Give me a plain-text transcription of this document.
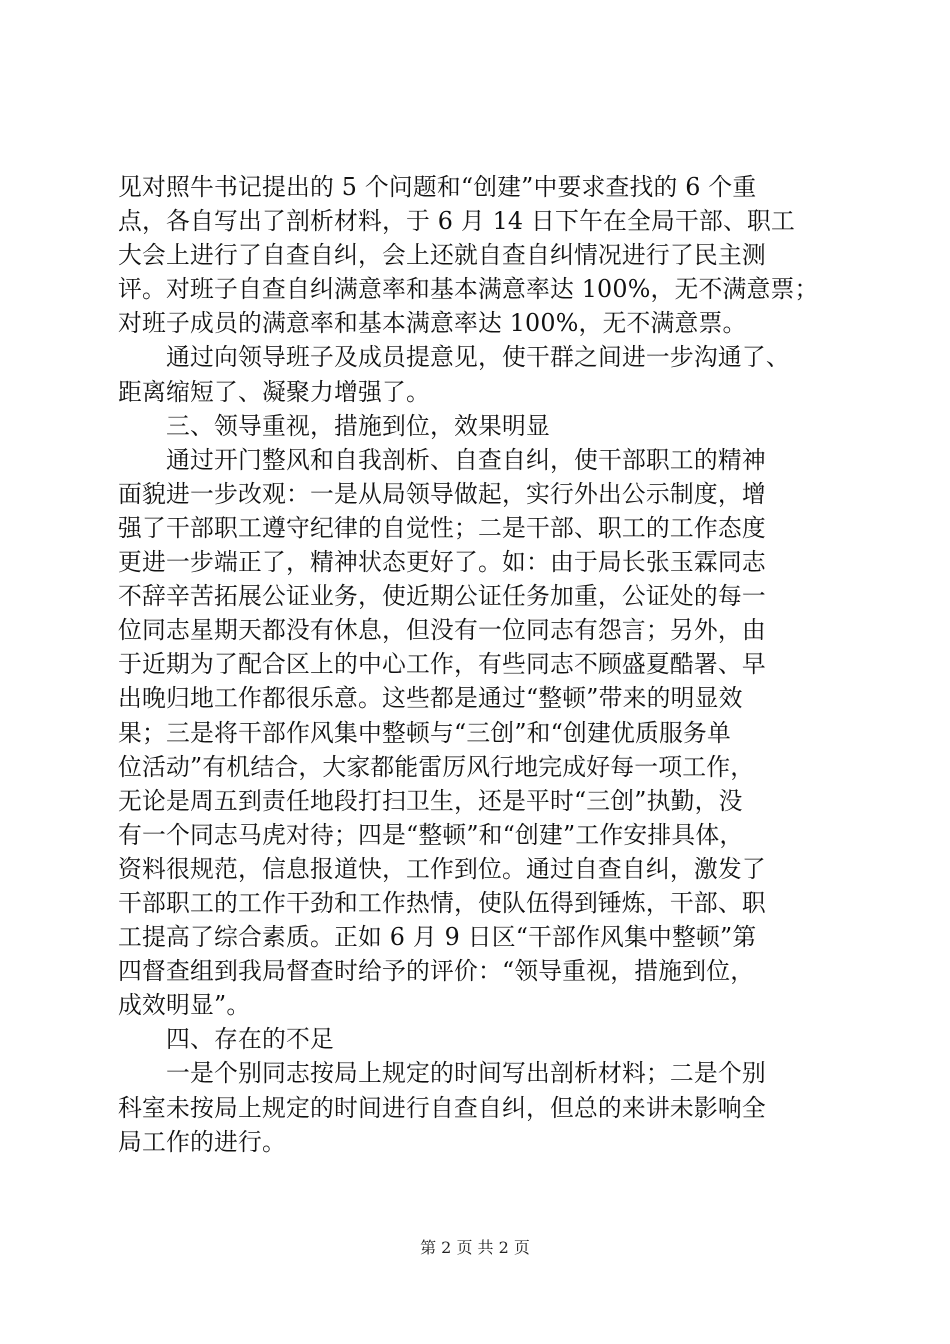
见对照牛书记提出的 5 个问题和“创建”中要求查找的 6 个重
点，各自写出了剖析材料，于 6 月 14 日下午在全局干部、职工
大会上进行了自查自纠，会上还就自查自纠情况进行了民主测
评。对班子自查自纠满意率和基本满意率达 100%，无不满意票；
对班子成员的满意率和基本满意率达 100%，无不满意票。
通过向领导班子及成员提意见，使干群之间进一步沟通了、
距离缩短了、凝聚力增强了。
三、领导重视，措施到位，效果明显
通过开门整风和自我剖析、自查自纠，使干部职工的精神
面貌进一步改观：一是从局领导做起，实行外出公示制度，增
强了干部职工遵守纪律的自觉性；二是干部、职工的工作态度
更进一步端正了，精神状态更好了。如：由于局长张玉霖同志
不辞辛苦拓展公证业务，使近期公证任务加重，公证处的每一
位同志星期天都没有休息，但没有一位同志有怨言；另外，由
于近期为了配合区上的中心工作，有些同志不顾盛夏酷署、早
出晚归地工作都很乐意。这些都是通过“整顿”带来的明显效
果；三是将干部作风集中整顿与“三创”和“创建优质服务单
位活动”有机结合，大家都能雷厉风行地完成好每一项工作，
无论是周五到责任地段打扫卫生，还是平时“三创”执勤，没
有一个同志马虎对待；四是“整顿”和“创建”工作安排具体，
资料很规范，信息报道快，工作到位。通过自查自纠，激发了
干部职工的工作干劲和工作热情，使队伍得到锤炼，干部、职
工提高了综合素质。正如 6 月 9 日区“干部作风集中整顿”第
四督查组到我局督查时给予的评价：“领导重视，措施到位，
成效明显”。
四、存在的不足
一是个别同志按局上规定的时间写出剖析材料；二是个别
科室未按局上规定的时间进行自查自纠，但总的来讲未影响全
局工作的进行。
第 2 页 共 2 页
